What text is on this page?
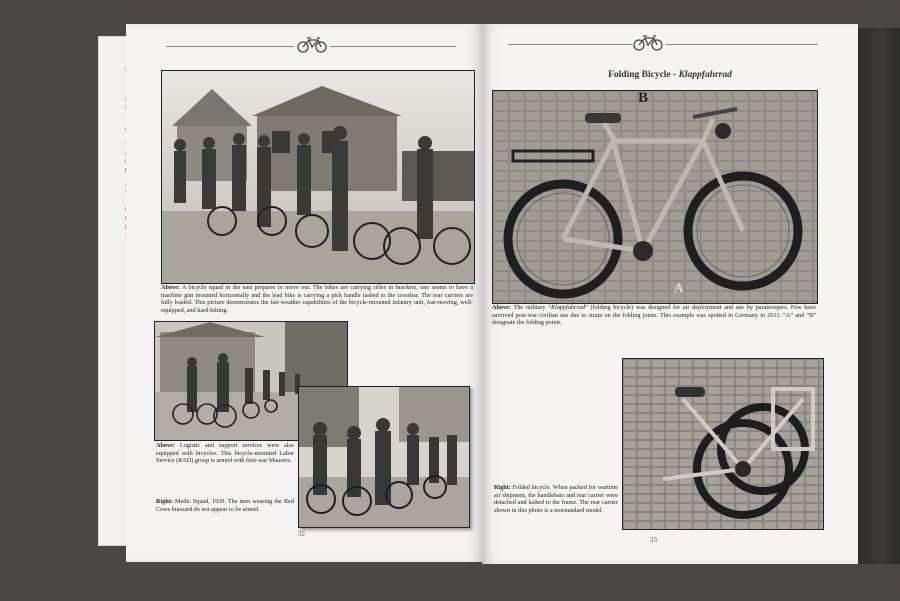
Above: A bicycle squad in the east prepares to move out. The bikes are carrying rifles in brackets, one seems to have a machine gun mounted horizontally and the lead bike is carrying a pick handle lashed to the crossbar. The rear carriers are fully loaded. This picture demonstrates the fair-weather capabilities of the bicycle-mounted infantry unit, fast-moving, well-equipped, and hard-hitting.
Above: Logistic and support services were also equipped with bicycles. This bicycle-mounted Labor Service (RAD) group is armed with first-war Mausers.
Right: Medic Squad, 1939. The men wearing the Red Cross brassard do not appear to be armed.
32
B
A
Above: The military “Klappfahrrad” (folding bicycle) was designed for air deployment and use by paratroopers. Few have survived post-war civilian use due to strain on the folding joints. This example was spotted in Germany in 2011. “A” and “B” designate the folding points.
Right: Folded bicycle. When packed for wartime air shipment, the handlebars and rear carrier were detached and lashed to the frame. The rear carrier shown in this photo is a nonstandard model.
33
Folding Bicycle - Klappfahrrad
